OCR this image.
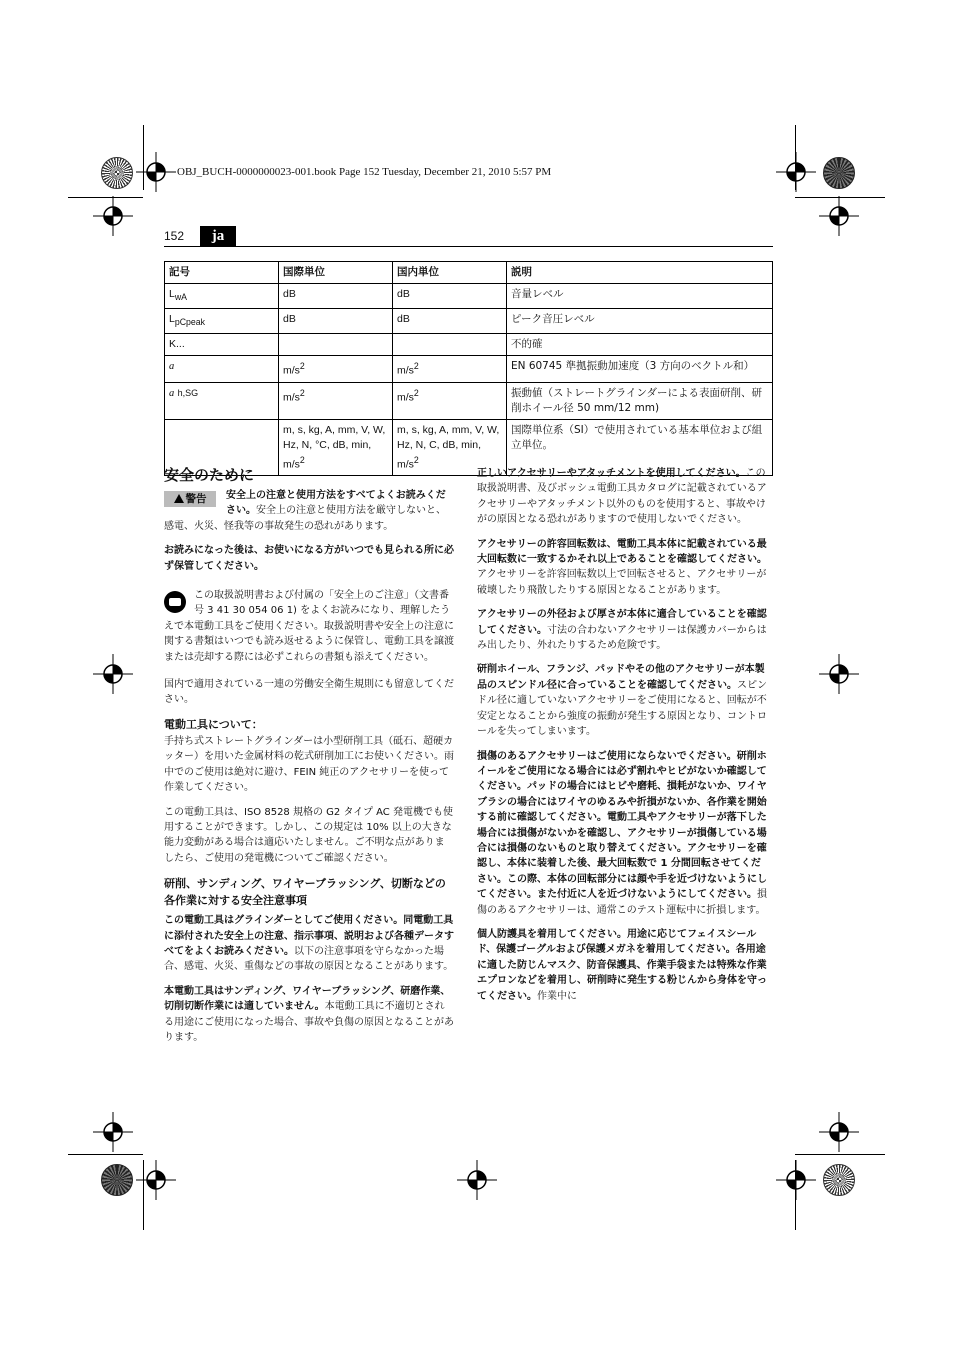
OBJ_BUCH-0000000023-001.book Page 152 Tuesday, December 21, 2010 5:57 PM
152	ja
記号	国際単位	国内単位	説明
$L_{wA}$	dB	dB	音量レベル
$L_{pCpeak}$	dB	dB	ピーク音圧レベル
K...			不的確
a	$m/s^2$	$m/s^2$	EN 60745 準拠振動加速度（3 方向のベクトル和）
a h,SG	$m/s^2$	$m/s^2$	振動値（ストレートグラインダーによる表面研削、研削ホイール径 50 mm/12 mm)
	m, s, kg, A, mm, V, W, Hz, N, °C, dB, min, $m/s^2$	m, s, kg, A, mm, V, W, Hz, N, C, dB, min, $m/s^2$	国際単位系（SI）で使用されている基本単位および組立単位。
安全のために

警告	安全上の注意と使用方法をすべてよくお読みください。安全上の注意と使用方法を厳守しないと、感電、火災、怪我等の事故発生の恐れがあります。

お読みになった後は、お使いになる方がいつでも見られる所に必ず保管してください。

この取扱説明書および付属の「安全上のご注意」（文書番号 3 41 30 054 06 1) をよくお読みになり、理解したうえで本電動工具をご使用ください。取扱説明書や安全上の注意に関する書類はいつでも読み返せるように保管し、電動工具を譲渡または売却する際には必ずこれらの書類も添えてください。

国内で適用されている一連の労働安全衛生規則にも留意してください。

電動工具について：

手持ち式ストレートグラインダーは小型研削工具（砥石、超硬カッター）を用いた金属材料の乾式研削加工にお使いください。雨中でのご使用は絶対に避け、FEIN 純正のアクセサリーを使って作業してください。

この電動工具は、ISO 8528 規格の G2 タイプ AC 発電機でも使用することができます。しかし、この規定は 10% 以上の大きな能力変動がある場合は適応いたしません。ご不明な点がありましたら、ご使用の発電機についてご確認ください。

研削、サンディング、ワイヤーブラッシング、切断などの各作業に対する安全注意事項

この電動工具はグラインダーとしてご使用ください。同電動工具に添付された安全上の注意、指示事項、説明および各種データすべてをよくお読みください。以下の注意事項を守らなかった場合、感電、火災、重傷などの事故の原因となることがあります。

本電動工具はサンディング、ワイヤーブラッシング、研磨作業、切削切断作業には適していません。本電動工具に不適切とされる用途にご使用になった場合、事故や負傷の原因となることがあります。

正しいアクセサリーやアタッチメントを使用してください。この取扱説明書、及びボッシュ電動工具カタログに記載されているアクセサリーやアタッチメント以外のものを使用すると、事故やけがの原因となる恐れがありますので使用しないでください。

アクセサリーの許容回転数は、電動工具本体に記載されている最大回転数に一致するかそれ以上であることを確認してください。アクセサリーを許容回転数以上で回転させると、アクセサリーが破壊したり飛散したりする原因となることがあります。

アクセサリーの外径および厚さが本体に適合していることを確認してください。寸法の合わないアクセサリーは保護カバーからはみ出したり、外れたりするため危険です。

研削ホイール、フランジ、パッドやその他のアクセサリーが本製品のスピンドル径に合っていることを確認してください。スピンドル径に適していないアクセサリーをご使用になると、回転が不安定となることから強度の振動が発生する原因となり、コントロールを失ってしまいます。

損傷のあるアクセサリーはご使用にならないでください。研削ホイールをご使用になる場合には必ず割れやヒビがないか確認してください。パッドの場合にはヒビや磨耗、損耗がないか、ワイヤブラシの場合にはワイヤのゆるみや折損がないか、各作業を開始する前に確認してください。電動工具やアクセサリーが落下した場合には損傷がないかを確認し、アクセサリーが損傷している場合には損傷のないものと取り替えてください。アクセサリーを確認し、本体に装着した後、最大回転数で 1 分間回転させてください。この際、本体の回転部分には顔や手を近づけないようにしてください。また付近に人を近づけないようにしてください。損傷のあるアクセサリーは、通常このテスト運転中に折損します。

個人防護具を着用してください。用途に応じてフェイスシールド、保護ゴーグルおよび保護メガネを着用してください。各用途に適した防じんマスク、防音保護具、作業手袋または特殊な作業エプロンなどを着用し、研削時に発生する粉じんから身体を守ってください。作業中に
